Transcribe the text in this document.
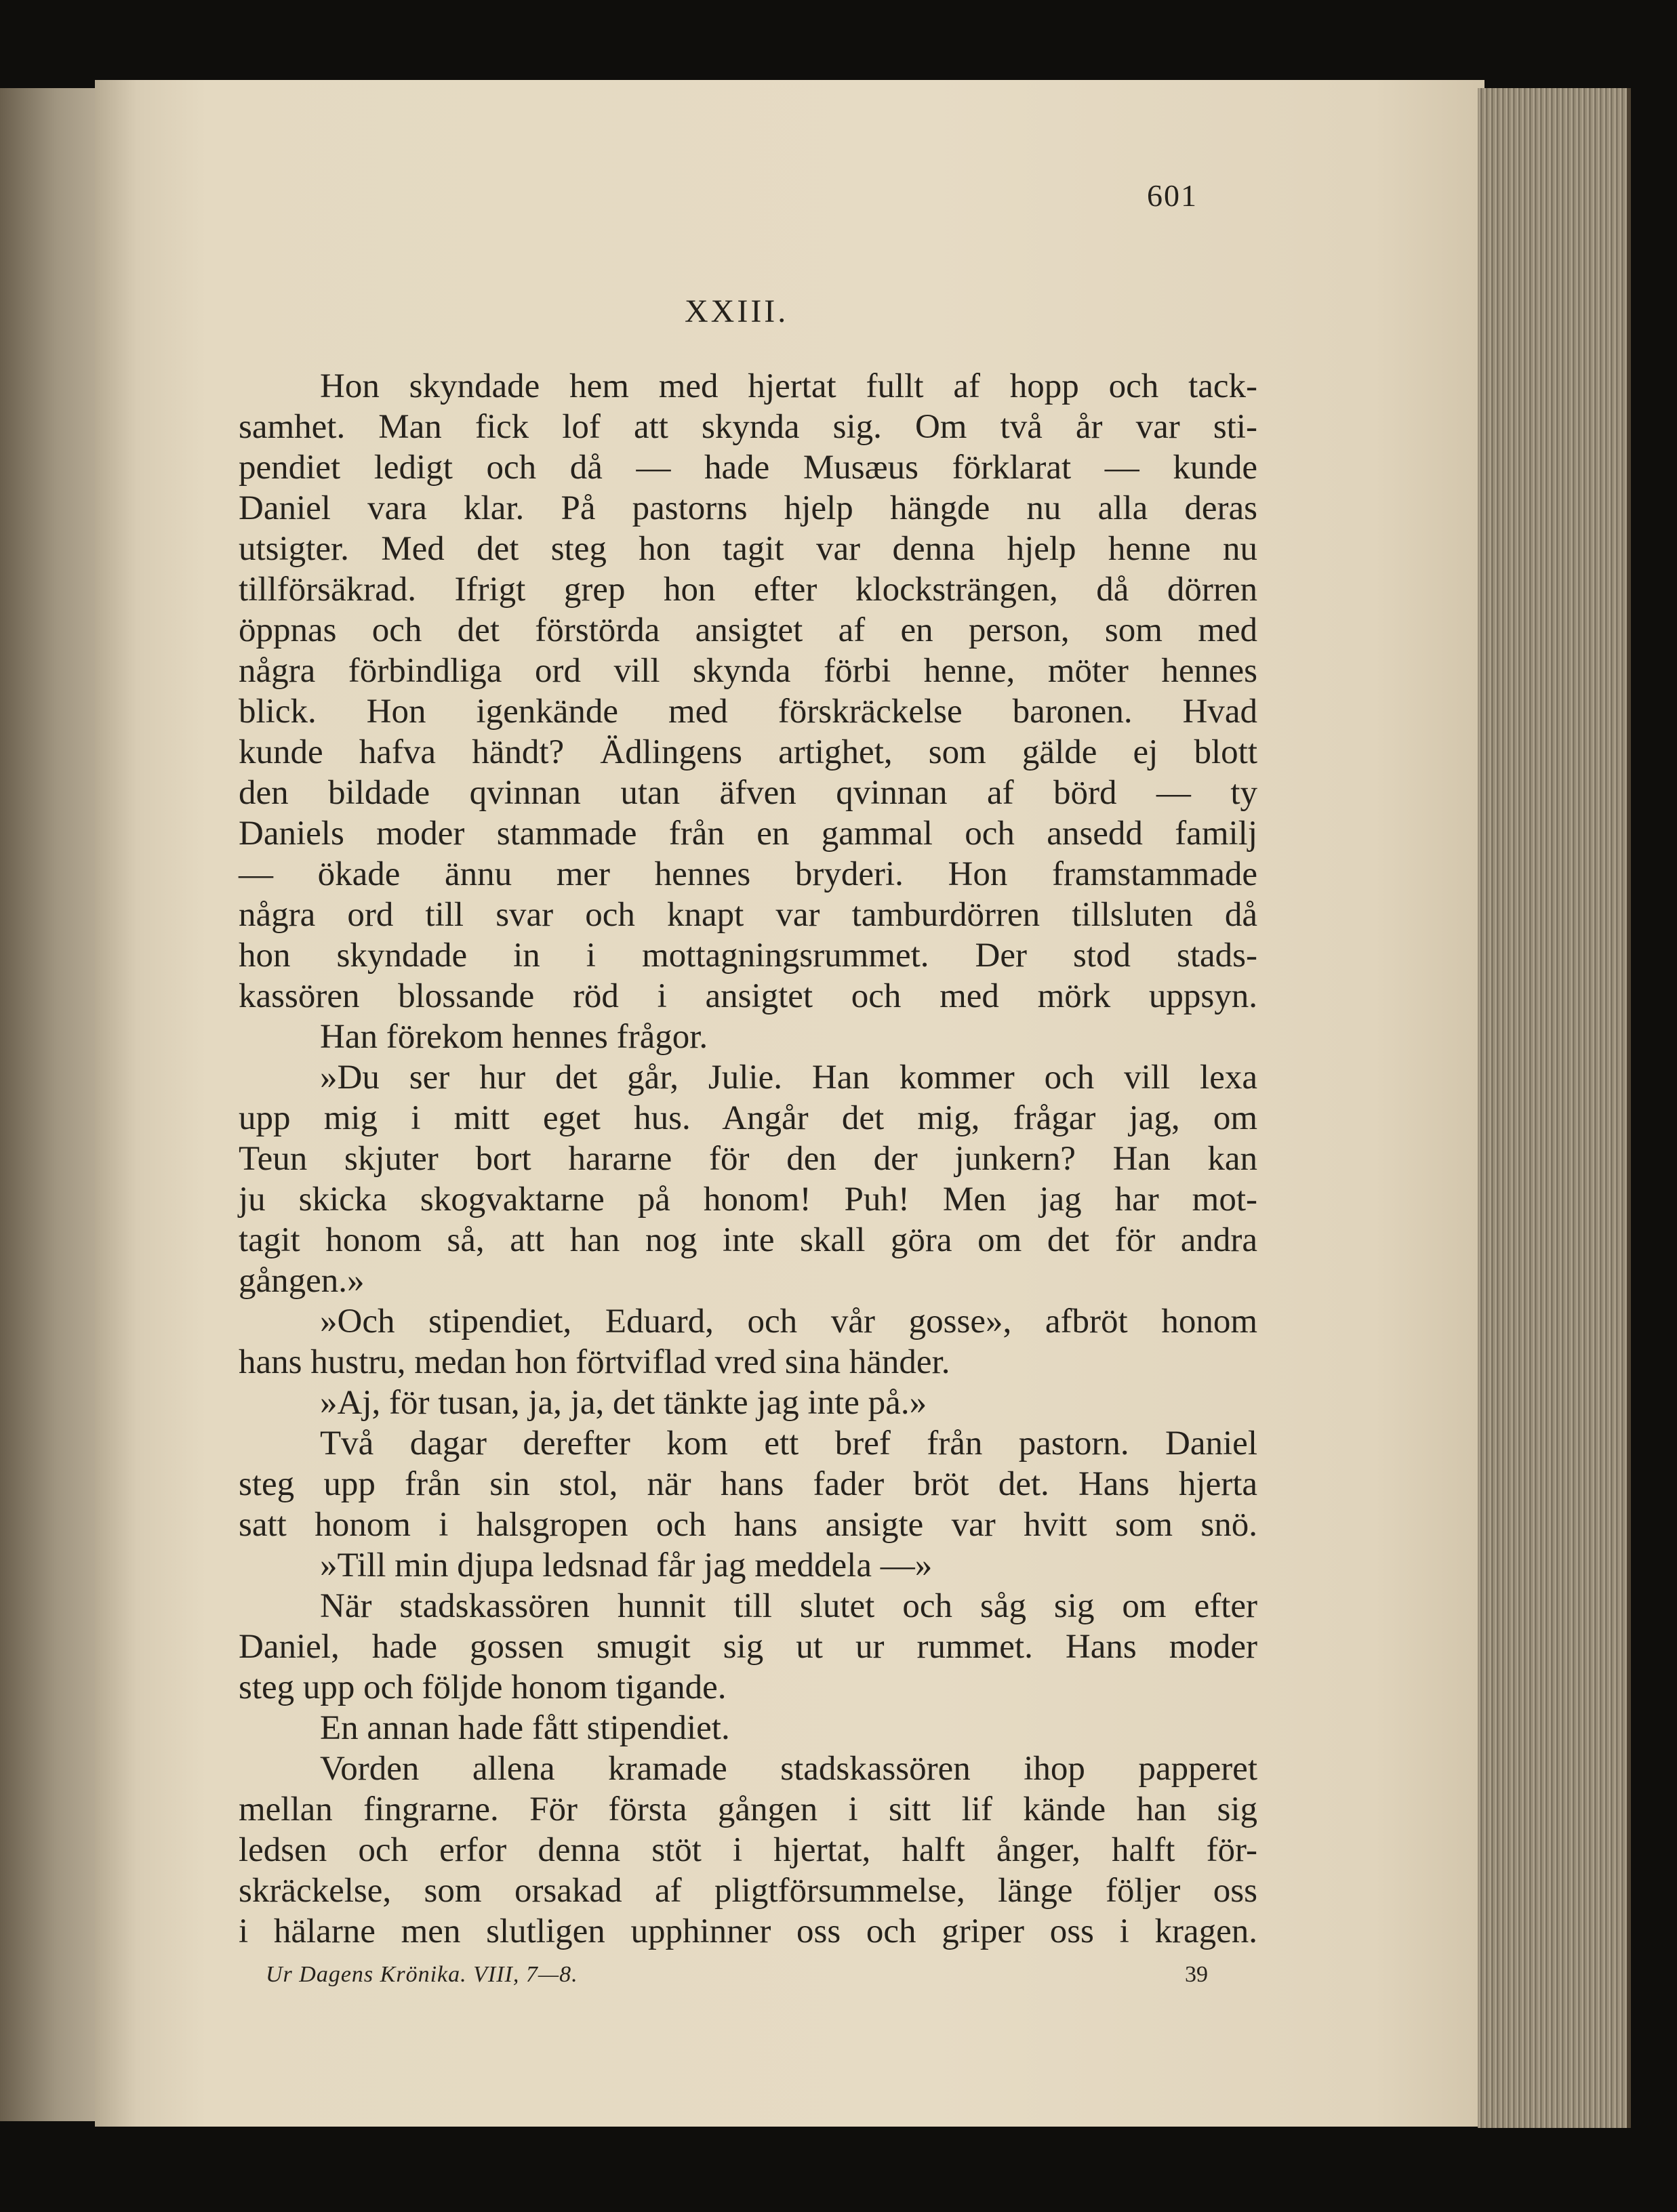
601
XXIII.
Hon skyndade hem med hjertat fullt af hopp och tack-
samhet. Man fick lof att skynda sig. Om två år var sti-
pendiet ledigt och då — hade Musæus förklarat — kunde
Daniel vara klar. På pastorns hjelp hängde nu alla deras
utsigter. Med det steg hon tagit var denna hjelp henne nu
tillförsäkrad. Ifrigt grep hon efter klocksträngen, då dörren
öppnas och det förstörda ansigtet af en person, som med
några förbindliga ord vill skynda förbi henne, möter hennes
blick. Hon igenkände med förskräckelse baronen. Hvad
kunde hafva händt? Ädlingens artighet, som gälde ej blott
den bildade qvinnan utan äfven qvinnan af börd — ty
Daniels moder stammade från en gammal och ansedd familj
— ökade ännu mer hennes bryderi. Hon framstammade
några ord till svar och knapt var tamburdörren tillsluten då
hon skyndade in i mottagningsrummet. Der stod stads-
kassören blossande röd i ansigtet och med mörk uppsyn.
Han förekom hennes frågor.
»Du ser hur det går, Julie. Han kommer och vill lexa
upp mig i mitt eget hus. Angår det mig, frågar jag, om
Teun skjuter bort hararne för den der junkern? Han kan
ju skicka skogvaktarne på honom! Puh! Men jag har mot-
tagit honom så, att han nog inte skall göra om det för andra
gången.»
»Och stipendiet, Eduard, och vår gosse», afbröt honom
hans hustru, medan hon förtviflad vred sina händer.
»Aj, för tusan, ja, ja, det tänkte jag inte på.»
Två dagar derefter kom ett bref från pastorn. Daniel
steg upp från sin stol, när hans fader bröt det. Hans hjerta
satt honom i halsgropen och hans ansigte var hvitt som snö.
»Till min djupa ledsnad får jag meddela —»
När stadskassören hunnit till slutet och såg sig om efter
Daniel, hade gossen smugit sig ut ur rummet. Hans moder
steg upp och följde honom tigande.
En annan hade fått stipendiet.
Vorden allena kramade stadskassören ihop papperet
mellan fingrarne. För första gången i sitt lif kände han sig
ledsen och erfor denna stöt i hjertat, halft ånger, halft för-
skräckelse, som orsakad af pligtförsummelse, länge följer oss
i hälarne men slutligen upphinner oss och griper oss i kragen.
Ur Dagens Krönika. VIII, 7—8.	39
